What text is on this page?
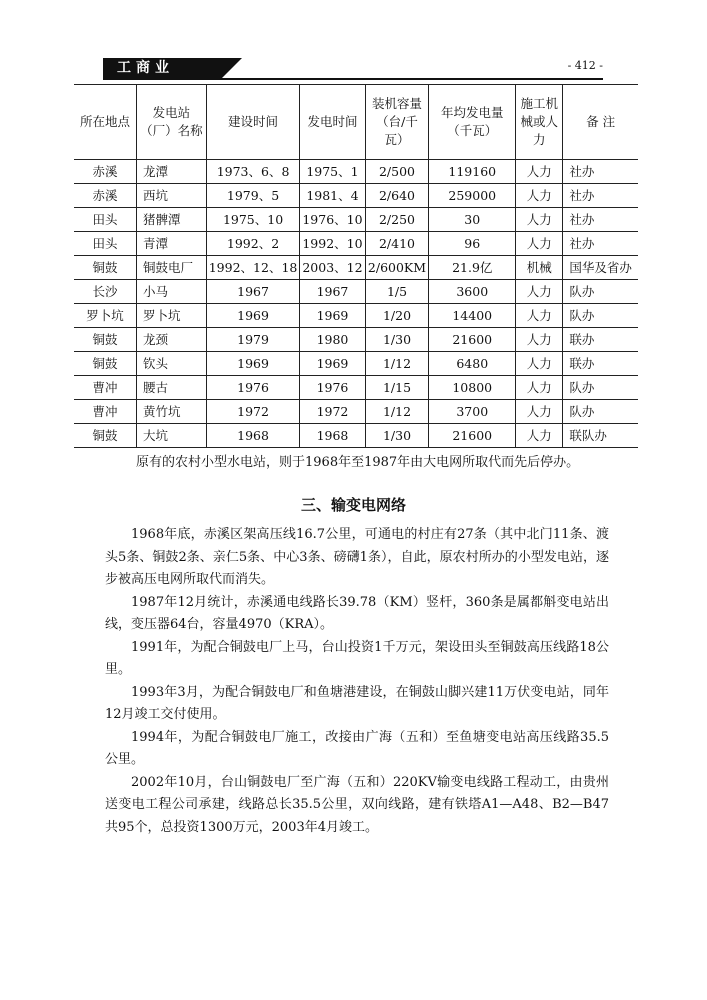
工商业	- 412 -
所在地点	发电站（厂）名称	建设时间	发电时间	装机容量（台/千瓦）	年均发电量（千瓦）	施工机械或人力	备 注
赤溪	龙潭	1973、6、8	1975、1	2/500	119160	人力	社办
赤溪	西坑	1979、5	1981、4	2/640	259000	人力	社办
田头	猪髀潭	1975、10	1976、10	2/250	30	人力	社办
田头	青潭	1992、2	1992、10	2/410	96	人力	社办
铜鼓	铜鼓电厂	1992、12、18	2003、12	2/600KM	21.9亿	机械	国华及省办
长沙	小马	1967	1967	1/5	3600	人力	队办
罗卜坑	罗卜坑	1969	1969	1/20	14400	人力	队办
铜鼓	龙颈	1979	1980	1/30	21600	人力	联办
铜鼓	钦头	1969	1969	1/12	6480	人力	联办
曹冲	腰古	1976	1976	1/15	10800	人力	队办
曹冲	黄竹坑	1972	1972	1/12	3700	人力	队办
铜鼓	大坑	1968	1968	1/30	21600	人力	联队办
原有的农村小型水电站，则于1968年至1987年由大电网所取代而先后停办。
三、输变电网络

1968年底，赤溪区架高压线16.7公里，可通电的村庄有27条（其中北门11条、渡头5条、铜鼓2条、亲仁5条、中心3条、磅礴1条），自此，原农村所办的小型发电站，逐步被高压电网所取代而消失。

1987年12月统计，赤溪通电线路长39.78（KM）竖杆，360条是属都斛变电站出线，变压器64台，容量4970（KRA）。

1991年，为配合铜鼓电厂上马，台山投资1千万元，架设田头至铜鼓高压线路18公里。

1993年3月，为配合铜鼓电厂和鱼塘港建设，在铜鼓山脚兴建11万伏变电站，同年12月竣工交付使用。

1994年，为配合铜鼓电厂施工，改接由广海（五和）至鱼塘变电站高压线路35.5公里。

2002年10月，台山铜鼓电厂至广海（五和）220KV输变电线路工程动工，由贵州送变电工程公司承建，线路总长35.5公里，双向线路，建有铁塔A1—A48、B2—B47共95个，总投资1300万元，2003年4月竣工。
